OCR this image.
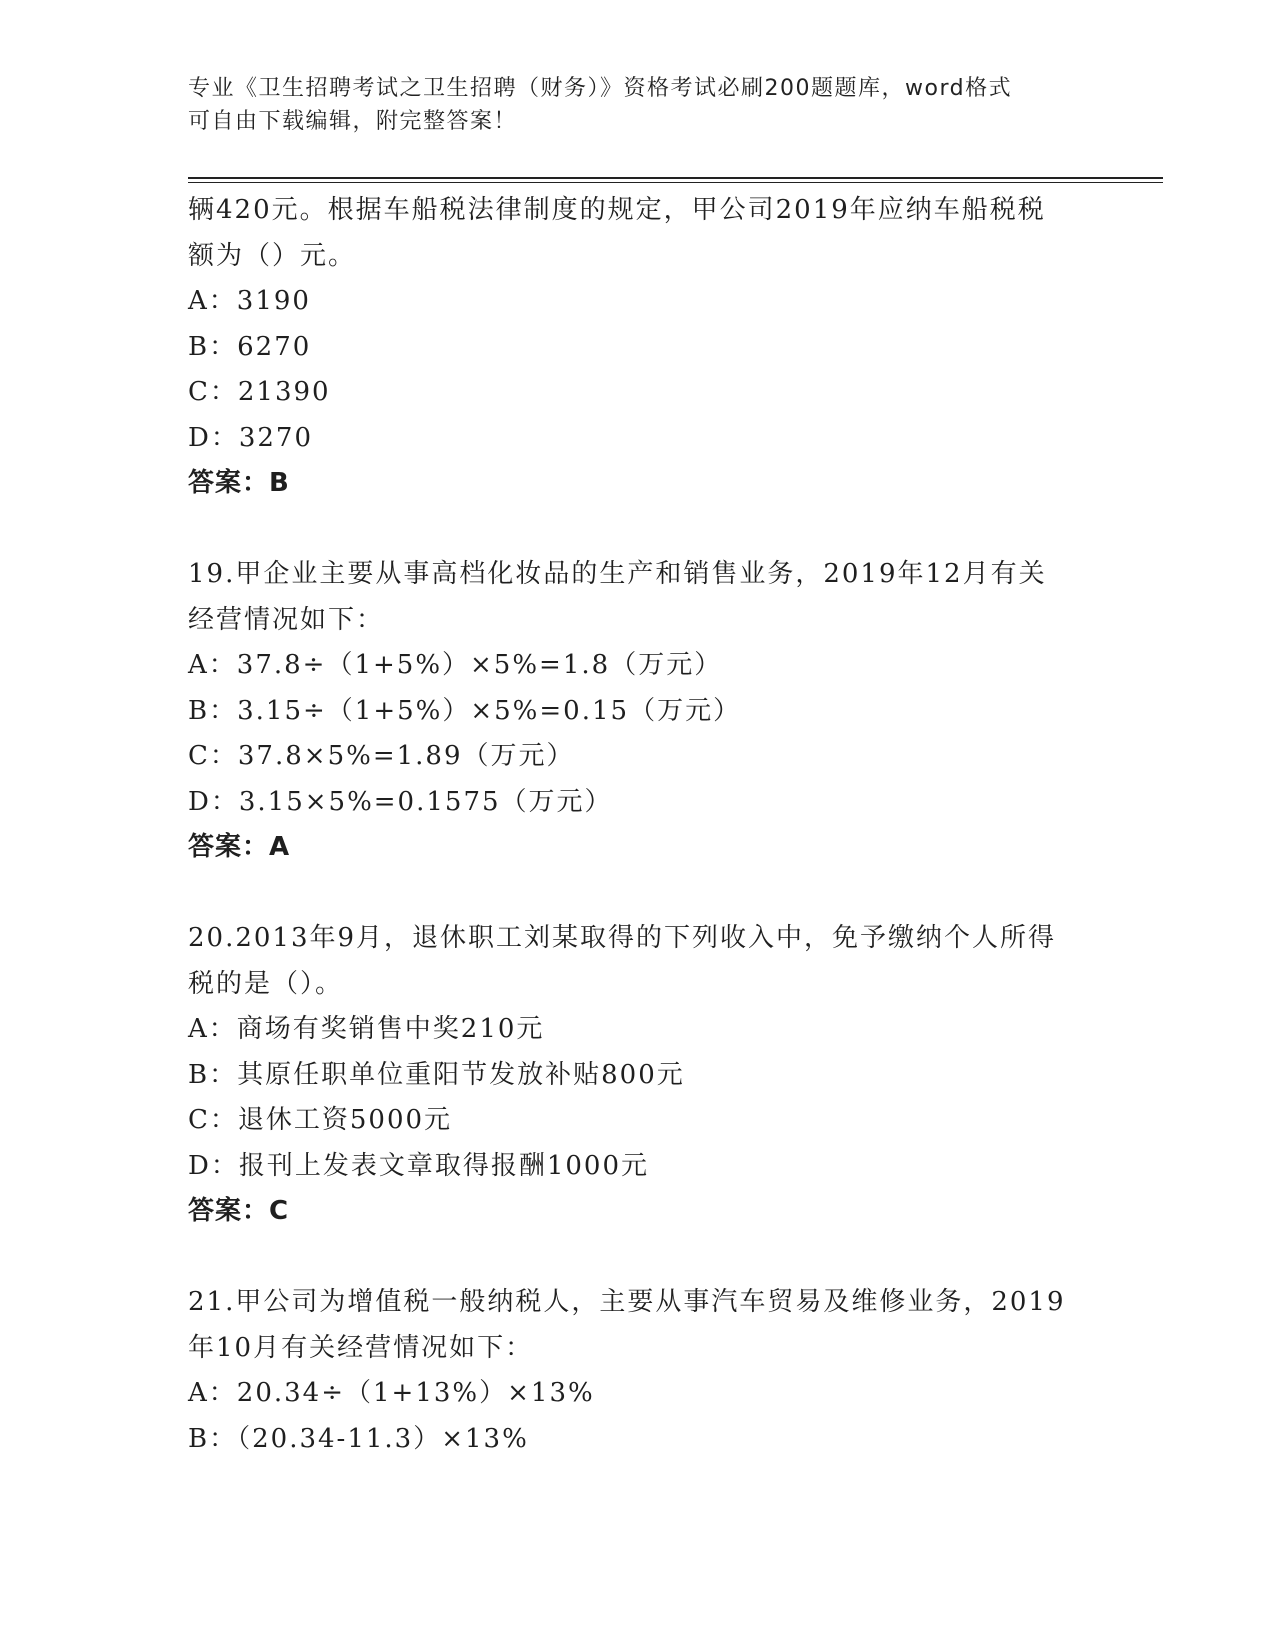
专业《卫生招聘考试之卫生招聘（财务）》资格考试必刷200题题库，word格式
可自由下载编辑，附完整答案！
辆420元。根据车船税法律制度的规定，甲公司2019年应纳车船税税
额为（）元。
A：3190
B：6270
C：21390
D：3270
答案：B
19.甲企业主要从事高档化妆品的生产和销售业务，2019年12月有关
经营情况如下：
A：37.8÷（1+5%）×5%=1.8（万元）
B：3.15÷（1+5%）×5%=0.15（万元）
C：37.8×5%=1.89（万元）
D：3.15×5%=0.1575（万元）
答案：A
20.2013年9月，退休职工刘某取得的下列收入中，免予缴纳个人所得
税的是（）。
A：商场有奖销售中奖210元
B：其原任职单位重阳节发放补贴800元
C：退休工资5000元
D：报刊上发表文章取得报酬1000元
答案：C
21.甲公司为增值税一般纳税人，主要从事汽车贸易及维修业务，2019
年10月有关经营情况如下：
A：20.34÷（1+13%）×13%
B：（20.34-11.3）×13%
